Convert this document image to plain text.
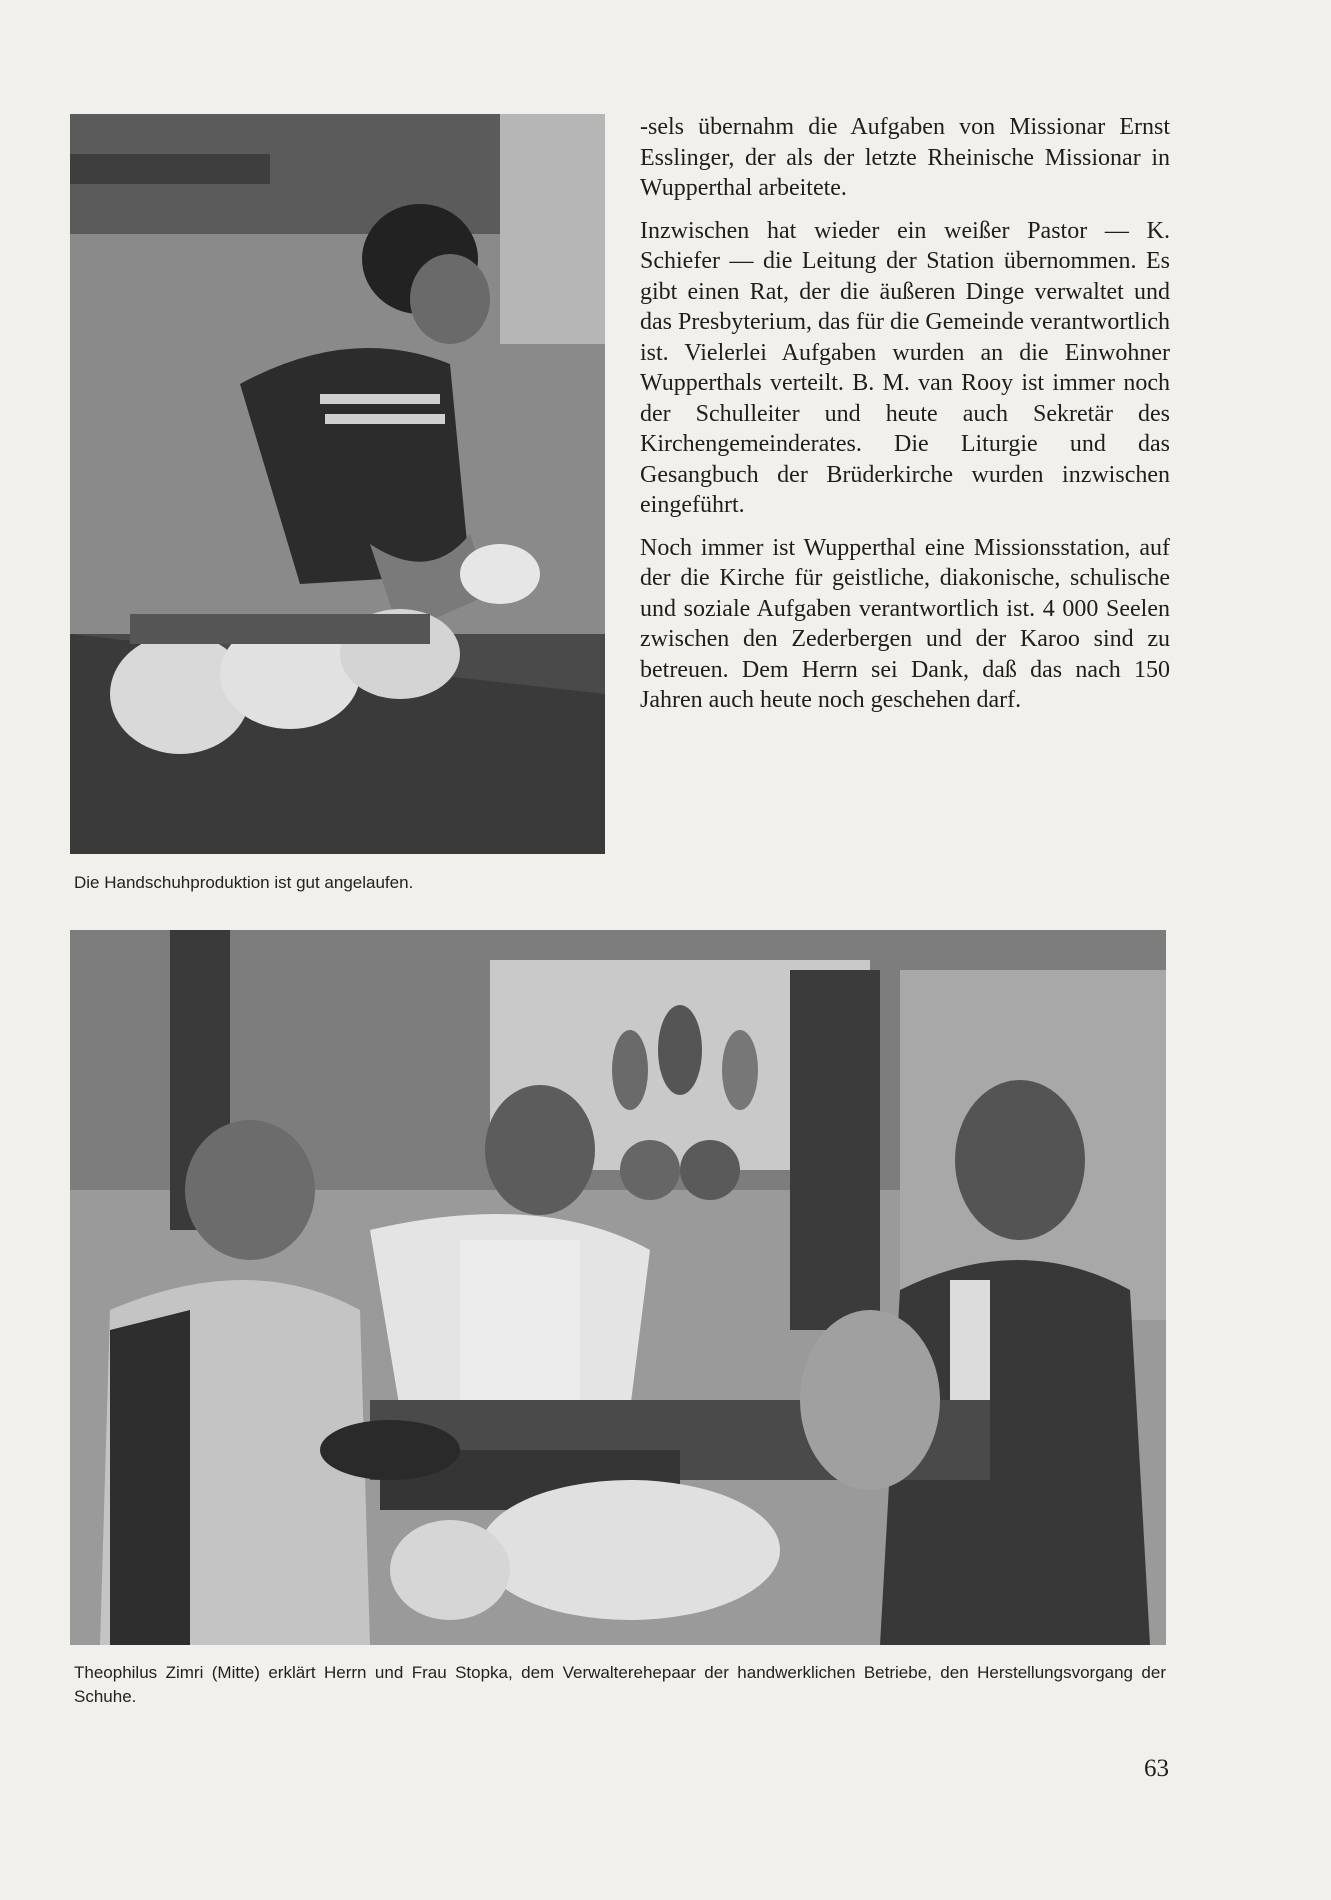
Die Handschuhproduktion ist gut angelaufen.

-sels übernahm die Aufgaben von Missionar Ernst Esslinger, der als der letzte Rheinische Missionar in Wupperthal arbeitete.

Inzwischen hat wieder ein weißer Pastor — K. Schiefer — die Leitung der Station übernommen. Es gibt einen Rat, der die äußeren Dinge verwaltet und das Presbyterium, das für die Gemeinde verantwortlich ist. Vielerlei Aufgaben wurden an die Einwohner Wupperthals verteilt. B. M. van Rooy ist immer noch der Schulleiter und heute auch Sekretär des Kirchengemeinderates. Die Liturgie und das Gesangbuch der Brüderkirche wurden inzwischen eingeführt.

Noch immer ist Wupperthal eine Missionsstation, auf der die Kirche für geistliche, diakonische, schulische und soziale Aufgaben verantwortlich ist. 4 000 Seelen zwischen den Zederbergen und der Karoo sind zu betreuen. Dem Herrn sei Dank, daß das nach 150 Jahren auch heute noch geschehen darf.

Theophilus Zimri (Mitte) erklärt Herrn und Frau Stopka, dem Verwalterehepaar der handwerklichen Betriebe, den Herstellungsvorgang der Schuhe.
63
